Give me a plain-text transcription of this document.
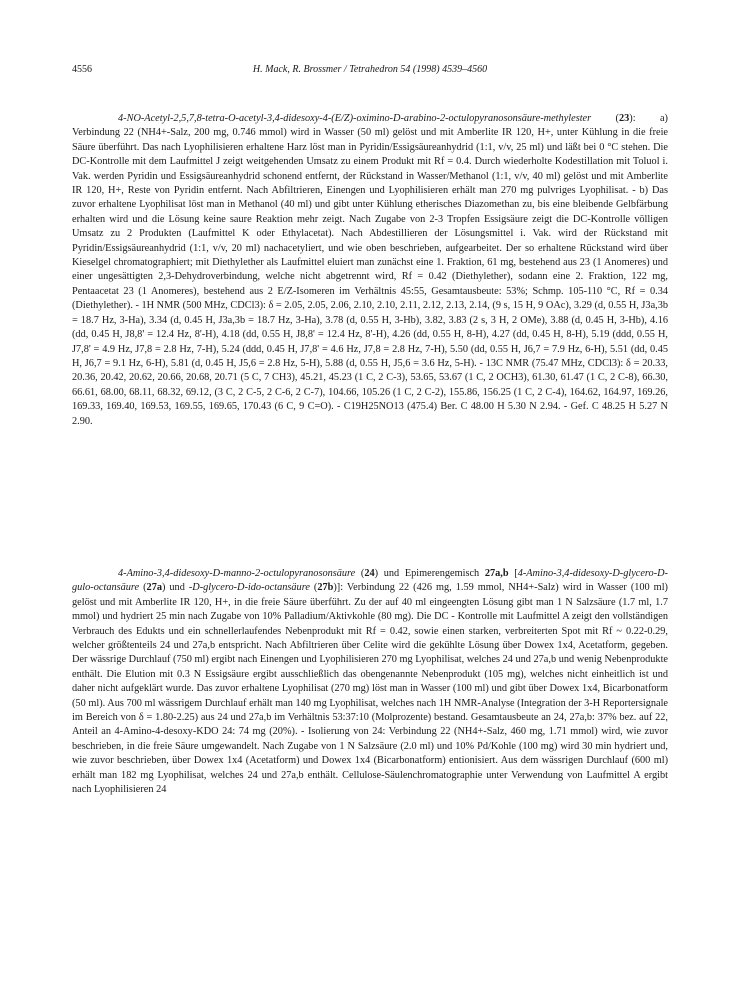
4556	H. Mack, R. Brossmer / Tetrahedron 54 (1998) 4539–4560

4-NO-Acetyl-2,5,7,8-tetra-O-acetyl-3,4-didesoxy-4-(E/Z)-oximino-D-arabino-2-octulopyranosonsäure-methylester (23): a) Verbindung 22 (NH4+-Salz, 200 mg, 0.746 mmol) wird in Wasser (50 ml) gelöst und mit Amberlite IR 120, H+, unter Kühlung in die freie Säure überführt. Das nach Lyophilisieren erhaltene Harz löst man in Pyridin/Essigsäureanhydrid (1:1, v/v, 25 ml) und läßt bei 0 °C stehen. Die DC-Kontrolle mit dem Laufmittel J zeigt weitgehenden Umsatz zu einem Produkt mit Rf = 0.4. Durch wiederholte Kodestillation mit Toluol i. Vak. werden Pyridin und Essigsäureanhydrid schonend entfernt, der Rückstand in Wasser/Methanol (1:1, v/v, 40 ml) gelöst und mit Amberlite IR 120, H+, Reste von Pyridin entfernt. Nach Abfiltrieren, Einengen und Lyophilisieren erhält man 270 mg pulvriges Lyophilisat. - b) Das zuvor erhaltene Lyophilisat löst man in Methanol (40 ml) und gibt unter Kühlung etherisches Diazomethan zu, bis eine bleibende Gelbfärbung erhalten wird und die Lösung keine saure Reaktion mehr zeigt. Nach Zugabe von 2-3 Tropfen Essigsäure zeigt die DC-Kontrolle völligen Umsatz zu 2 Produkten (Laufmittel K oder Ethylacetat). Nach Abdestillieren der Lösungsmittel i. Vak. wird der Rückstand mit Pyridin/Essigsäureanhydrid (1:1, v/v, 20 ml) nachacetyliert, und wie oben beschrieben, aufgearbeitet. Der so erhaltene Rückstand wird über Kieselgel chromatographiert; mit Diethylether als Laufmittel eluiert man zunächst eine 1. Fraktion, 61 mg, bestehend aus 23 (1 Anomeres) und einer ungesättigten 2,3-Dehydroverbindung, welche nicht abgetrennt wird, Rf = 0.42 (Diethylether), sodann eine 2. Fraktion, 122 mg, Pentaacetat 23 (1 Anomeres), bestehend aus 2 E/Z-Isomeren im Verhältnis 45:55, Gesamtausbeute: 53%; Schmp. 105-110 °C, Rf = 0.34 (Diethylether). - 1H NMR (500 MHz, CDCl3): δ = 2.05, 2.05, 2.06, 2.10, 2.10, 2.11, 2.12, 2.13, 2.14, (9 s, 15 H, 9 OAc), 3.29 (d, 0.55 H, J3a,3b = 18.7 Hz, 3-Ha), 3.34 (d, 0.45 H, J3a,3b = 18.7 Hz, 3-Ha), 3.78 (d, 0.55 H, 3-Hb), 3.82, 3.83 (2 s, 3 H, 2 OMe), 3.88 (d, 0.45 H, 3-Hb), 4.16 (dd, 0.45 H, J8,8' = 12.4 Hz, 8'-H), 4.18 (dd, 0.55 H, J8,8' = 12.4 Hz, 8'-H), 4.26 (dd, 0.55 H, 8-H), 4.27 (dd, 0.45 H, 8-H), 5.19 (ddd, 0.55 H, J7,8' = 4.9 Hz, J7,8 = 2.8 Hz, 7-H), 5.24 (ddd, 0.45 H, J7,8' = 4.6 Hz, J7,8 = 2.8 Hz, 7-H), 5.50 (dd, 0.55 H, J6,7 = 7.9 Hz, 6-H), 5.51 (dd, 0.45 H, J6,7 = 9.1 Hz, 6-H), 5.81 (d, 0.45 H, J5,6 = 2.8 Hz, 5-H), 5.88 (d, 0.55 H, J5,6 = 3.6 Hz, 5-H). - 13C NMR (75.47 MHz, CDCl3): δ = 20.33, 20.36, 20.42, 20.62, 20.66, 20.68, 20.71 (5 C, 7 CH3), 45.21, 45.23 (1 C, 2 C-3), 53.65, 53.67 (1 C, 2 OCH3), 61.30, 61.47 (1 C, 2 C-8), 66.30, 66.61, 68.00, 68.11, 68.32, 69.12, (3 C, 2 C-5, 2 C-6, 2 C-7), 104.66, 105.26 (1 C, 2 C-2), 155.86, 156.25 (1 C, 2 C-4), 164.62, 164.97, 169.26, 169.33, 169.40, 169.53, 169.55, 169.65, 170.43 (6 C, 9 C=O). - C19H25NO13 (475.4) Ber. C 48.00 H 5.30 N 2.94. - Gef. C 48.25 H 5.27 N 2.90.

4-Amino-3,4-didesoxy-D-manno-2-octulopyranosonsäure (24) und Epimerengemisch 27a,b [4-Amino-3,4-didesoxy-D-glycero-D-gulo-octansäure (27a) und -D-glycero-D-ido-octansäure (27b)]: Verbindung 22 (426 mg, 1.59 mmol, NH4+-Salz) wird in Wasser (100 ml) gelöst und mit Amberlite IR 120, H+, in die freie Säure überführt. Zu der auf 40 ml eingeengten Lösung gibt man 1 N Salzsäure (1.7 ml, 1.7 mmol) und hydriert 25 min nach Zugabe von 10% Palladium/Aktivkohle (80 mg). Die DC - Kontrolle mit Laufmittel A zeigt den vollständigen Verbrauch des Edukts und ein schnellerlaufendes Nebenprodukt mit Rf = 0.42, sowie einen starken, verbreiterten Spot mit Rf ~ 0.22-0.29, welcher größtenteils 24 und 27a,b entspricht. Nach Abfiltrieren über Celite wird die gekühlte Lösung über Dowex 1x4, Acetatform, gegeben. Der wässrige Durchlauf (750 ml) ergibt nach Einengen und Lyophilisieren 270 mg Lyophilisat, welches 24 und 27a,b und wenig Nebenprodukte enthält. Die Elution mit 0.3 N Essigsäure ergibt ausschließlich das obengenannte Nebenprodukt (105 mg), welches nicht einheitlich ist und daher nicht aufgeklärt wurde. Das zuvor erhaltene Lyophilisat (270 mg) löst man in Wasser (100 ml) und gibt über Dowex 1x4, Bicarbonatform (50 ml). Aus 700 ml wässrigem Durchlauf erhält man 140 mg Lyophilisat, welches nach 1H NMR-Analyse (Integration der 3-H Reportersignale im Bereich von δ = 1.80-2.25) aus 24 und 27a,b im Verhältnis 53:37:10 (Molprozente) bestand. Gesamtausbeute an 24, 27a,b: 37% bez. auf 22, Anteil an 4-Amino-4-desoxy-KDO 24: 74 mg (20%). - Isolierung von 24: Verbindung 22 (NH4+-Salz, 460 mg, 1.71 mmol) wird, wie zuvor beschrieben, in die freie Säure umgewandelt. Nach Zugabe von 1 N Salzsäure (2.0 ml) und 10% Pd/Kohle (100 mg) wird 30 min hydriert und, wie zuvor beschrieben, über Dowex 1x4 (Acetatform) und Dowex 1x4 (Bicarbonatform) entionisiert. Aus dem wässrigen Durchlauf (600 ml) erhält man 182 mg Lyophilisat, welches 24 und 27a,b enthält. Cellulose-Säulenchromatographie unter Verwendung von Laufmittel A ergibt nach Lyophilisieren 24
